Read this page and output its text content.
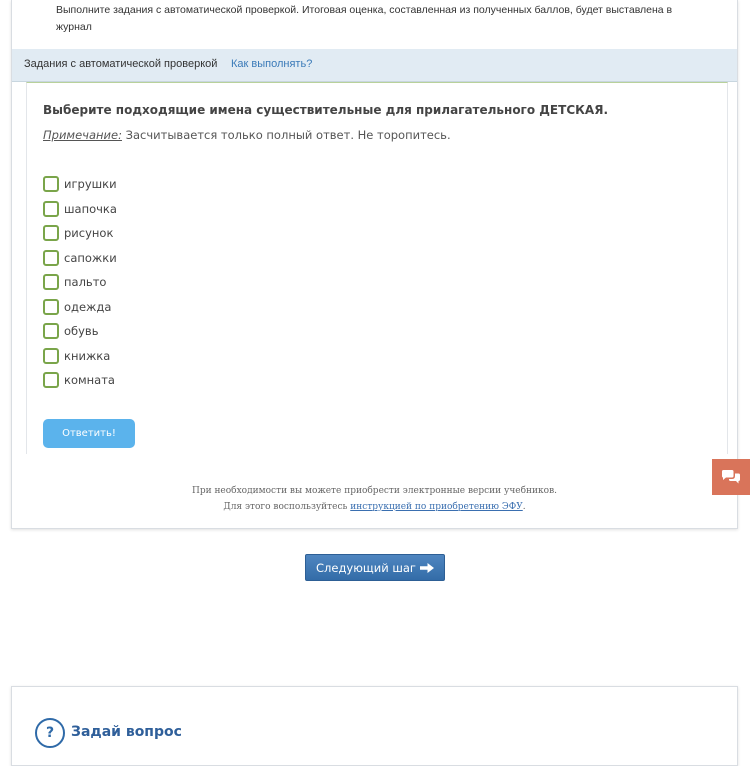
Выполните задания с автоматической проверкой. Итоговая оценка, составленная из полученных баллов, будет выставлена в журнал
Задания с автоматической проверкой Как выполнять?
Выберите подходящие имена существительные для прилагательного ДЕТСКАЯ.
Примечание: Засчитывается только полный ответ. Не торопитесь.
игрушки
шапочка
рисунок
сапожки
пальто
одежда
обувь
книжка
комната
Ответить!
При необходимости вы можете приобрести электронные версии учебников.
Для этого воспользуйтесь инструкцией по приобретению ЭФУ.
Следующий шаг
?	Задай вопрос
